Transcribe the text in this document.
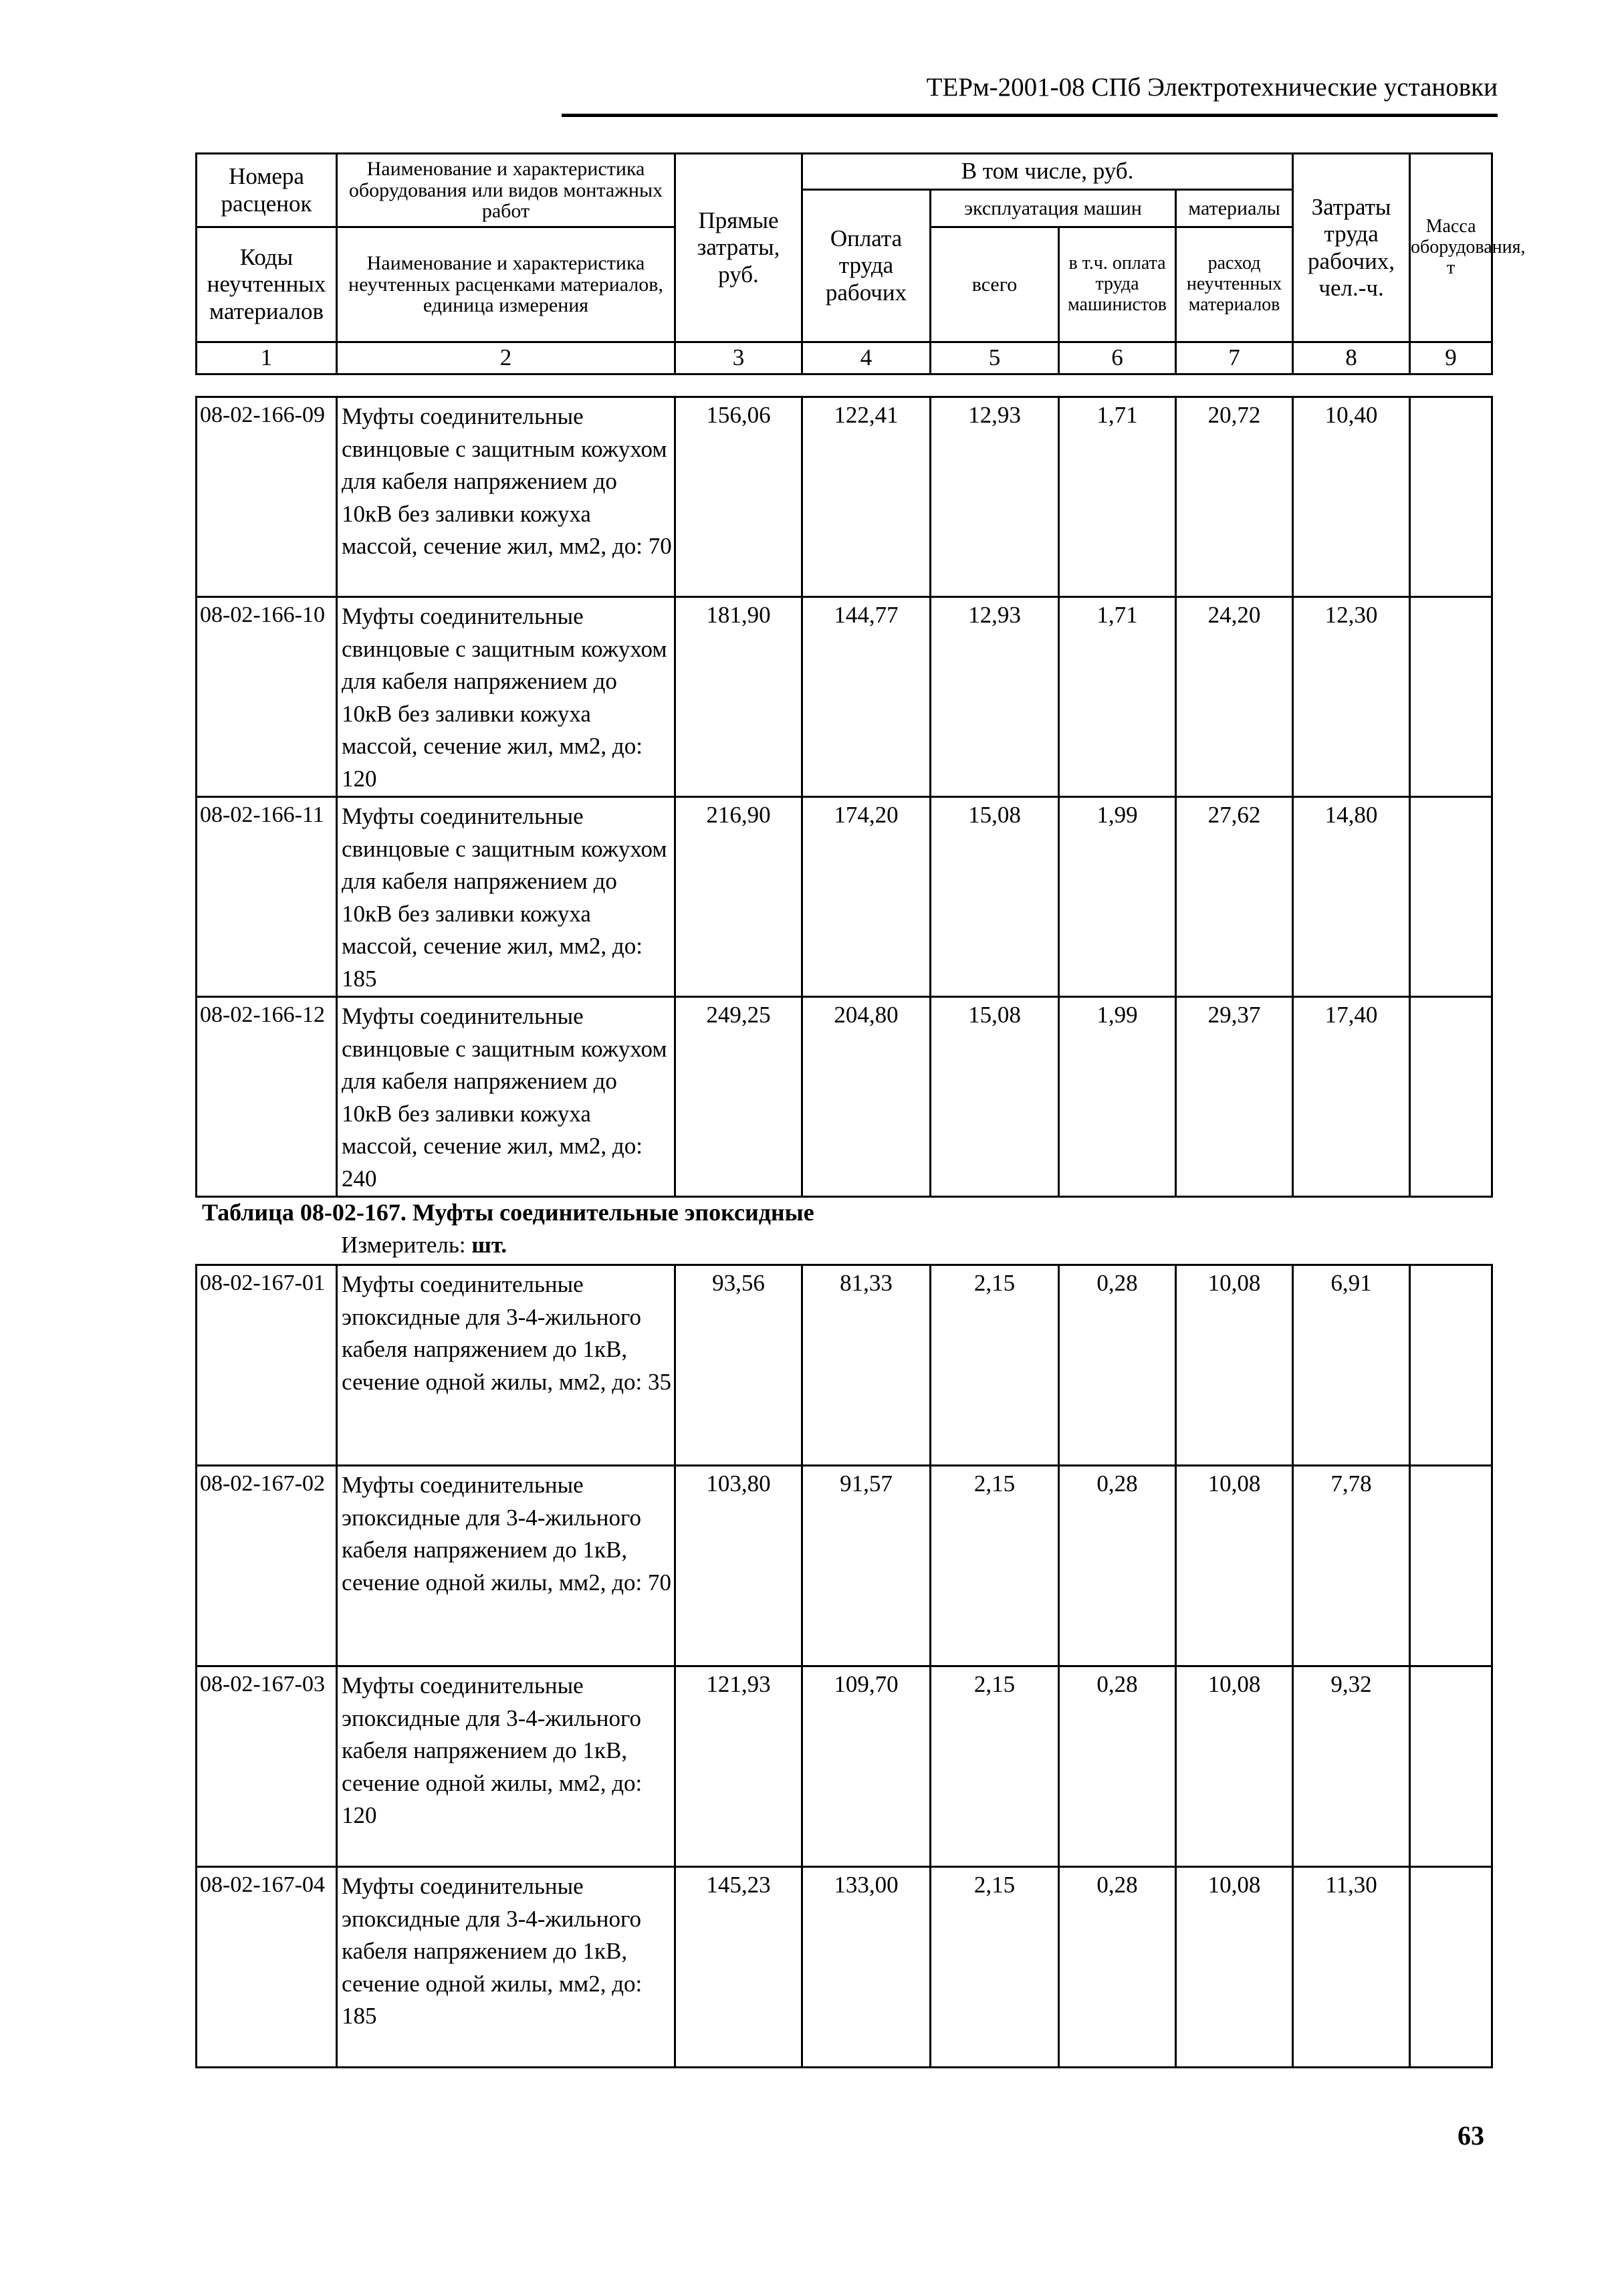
ТЕРм-2001-08 СПб Электротехнические установки
Номера расценок	Наименование и характеристика оборудования или видов монтажных работ	Прямые затраты, руб.	В том числе, руб.				Затраты труда рабочих, чел.-ч.	Масса оборудования, т
			Оплата труда рабочих	эксплуатация машин		материалы		
Коды неучтенных материалов	Наименование и характеристика неучтенных расценками материалов, единица измерения			всего	в т.ч. оплата труда машинистов	расход неучтенных материалов		

1	2	3	4	5	6	7	8	9
08-02-166-09	Муфты соединительные свинцовые с защитным кожухом для кабеля напряжением до 10кВ без заливки кожуха массой, сечение жил, мм2, до: 70	156,06	122,41	12,93	1,71	20,72	10,40	
08-02-166-10	Муфты соединительные свинцовые с защитным кожухом для кабеля напряжением до 10кВ без заливки кожуха массой, сечение жил, мм2, до: 120	181,90	144,77	12,93	1,71	24,20	12,30	
08-02-166-11	Муфты соединительные свинцовые с защитным кожухом для кабеля напряжением до 10кВ без заливки кожуха массой, сечение жил, мм2, до: 185	216,90	174,20	15,08	1,99	27,62	14,80	
08-02-166-12	Муфты соединительные свинцовые с защитным кожухом для кабеля напряжением до 10кВ без заливки кожуха массой, сечение жил, мм2, до: 240	249,25	204,80	15,08	1,99	29,37	17,40	
Таблица 08-02-167. Муфты соединительные эпоксидные
Измеритель: шт.
08-02-167-01	Муфты соединительные эпоксидные для 3-4-жильного кабеля напряжением до 1кВ, сечение одной жилы, мм2, до: 35	93,56	81,33	2,15	0,28	10,08	6,91	
08-02-167-02	Муфты соединительные эпоксидные для 3-4-жильного кабеля напряжением до 1кВ, сечение одной жилы, мм2, до: 70	103,80	91,57	2,15	0,28	10,08	7,78	
08-02-167-03	Муфты соединительные эпоксидные для 3-4-жильного кабеля напряжением до 1кВ, сечение одной жилы, мм2, до: 120	121,93	109,70	2,15	0,28	10,08	9,32	
08-02-167-04	Муфты соединительные эпоксидные для 3-4-жильного кабеля напряжением до 1кВ, сечение одной жилы, мм2, до: 185	145,23	133,00	2,15	0,28	10,08	11,30	
63
